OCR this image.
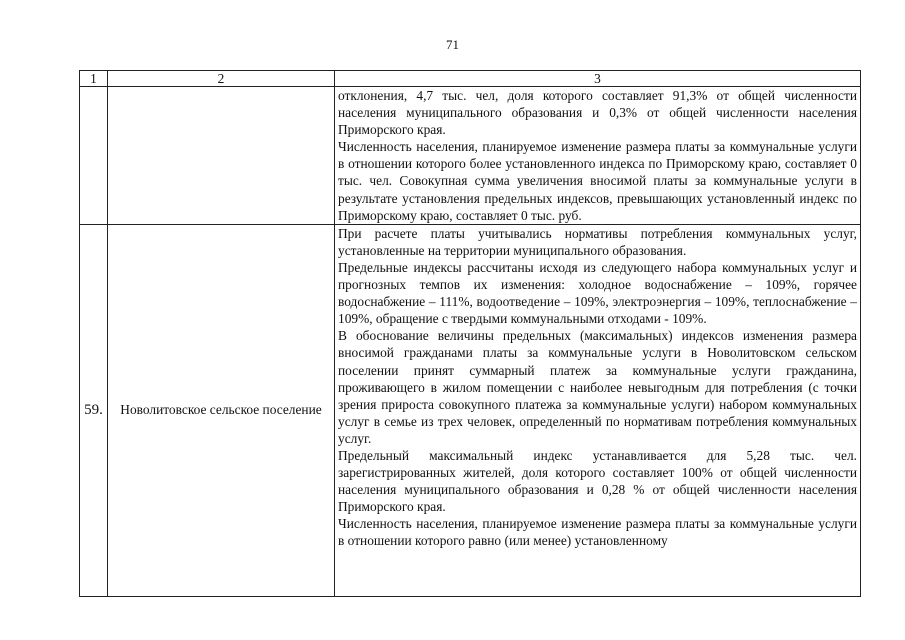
71
1	2	3

		отклонения, 4,7 тыс. чел, доля которого составляет 91,3% от общей численности населения муниципального образования и 0,3% от общей численности населения Приморского края.

Численность населения, планируемое изменение размера платы за коммунальные услуги в отношении которого более установленного индекса по Приморскому краю, составляет 0 тыс. чел. Совокупная сумма увеличения вносимой платы за коммунальные услуги в результате установления предельных индексов, превышающих установленный индекс по Приморскому краю, составляет 0 тыс. руб.

59.	Новолитовское сельское поселение	При расчете платы учитывались нормативы потребления коммунальных услуг, установленные на территории муниципального образования.

Предельные индексы рассчитаны исходя из следующего набора коммунальных услуг и прогнозных темпов их изменения: холодное водоснабжение – 109%, горячее водоснабжение – 111%, водоотведение – 109%, электроэнергия – 109%, теплоснабжение – 109%, обращение с твердыми коммунальными отходами - 109%.

В обоснование величины предельных (максимальных) индексов изменения размера вносимой гражданами платы за коммунальные услуги в Новолитовском сельском поселении принят суммарный платеж за коммунальные услуги гражданина, проживающего в жилом помещении с наиболее невыгодным для потребления (с точки зрения прироста совокупного платежа за коммунальные услуги) набором коммунальных услуг в семье из трех человек, определенный по нормативам потребления коммунальных услуг.

Предельный максимальный индекс устанавливается для 5,28 тыс. чел. зарегистрированных жителей, доля которого составляет 100% от общей численности населения муниципального образования и 0,28 % от общей численности населения Приморского края.

Численность населения, планируемое изменение размера платы за коммунальные услуги в отношении которого равно (или менее) установленному
